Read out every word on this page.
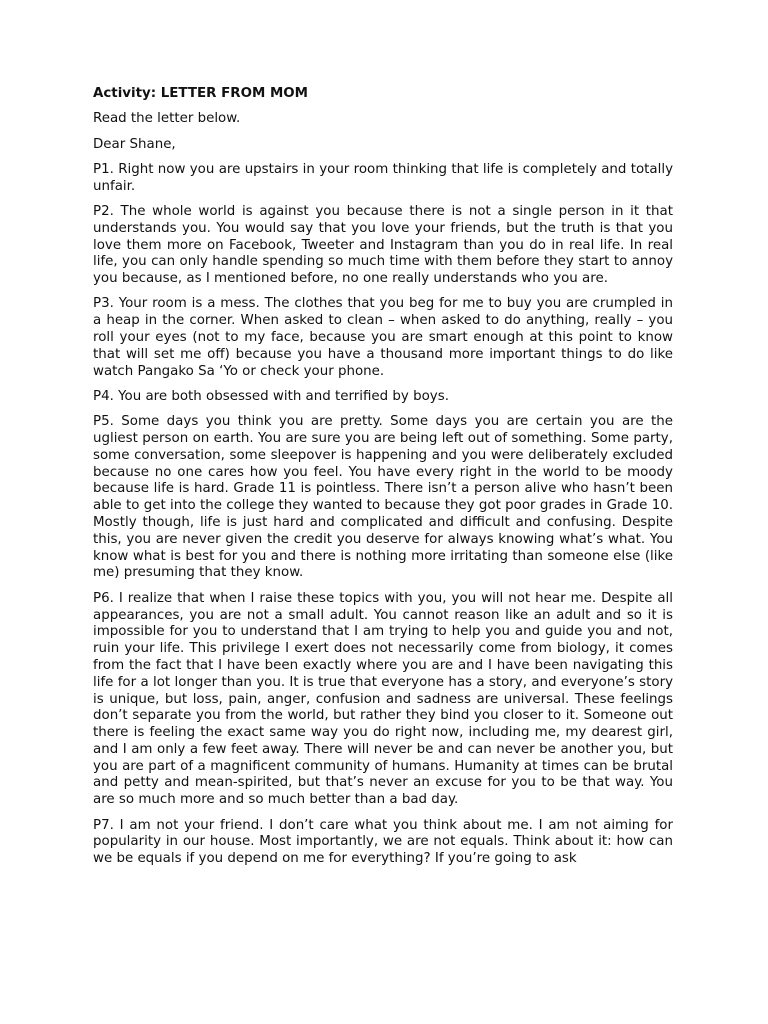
Activity: LETTER FROM MOM

Read the letter below.

Dear Shane,

P1. Right now you are upstairs in your room thinking that life is completely and totally unfair.

P2. The whole world is against you because there is not a single person in it that understands you. You would say that you love your friends, but the truth is that you love them more on Facebook, Tweeter and Instagram than you do in real life. In real life, you can only handle spending so much time with them before they start to annoy you because, as I mentioned before, no one really understands who you are.

P3. Your room is a mess. The clothes that you beg for me to buy you are crumpled in a heap in the corner. When asked to clean – when asked to do anything, really – you roll your eyes (not to my face, because you are smart enough at this point to know that will set me off) because you have a thousand more important things to do like watch Pangako Sa ‘Yo or check your phone.

P4. You are both obsessed with and terrified by boys.

P5. Some days you think you are pretty. Some days you are certain you are the ugliest person on earth. You are sure you are being left out of something. Some party, some conversation, some sleepover is happening and you were deliberately excluded because no one cares how you feel. You have every right in the world to be moody because life is hard. Grade 11 is pointless. There isn’t a person alive who hasn’t been able to get into the college they wanted to because they got poor grades in Grade 10. Mostly though, life is just hard and complicated and difficult and confusing. Despite this, you are never given the credit you deserve for always knowing what’s what. You know what is best for you and there is nothing more irritating than someone else (like me) presuming that they know.

P6. I realize that when I raise these topics with you, you will not hear me. Despite all appearances, you are not a small adult. You cannot reason like an adult and so it is impossible for you to understand that I am trying to help you and guide you and not, ruin your life. This privilege I exert does not necessarily come from biology, it comes from the fact that I have been exactly where you are and I have been navigating this life for a lot longer than you. It is true that everyone has a story, and everyone’s story is unique, but loss, pain, anger, confusion and sadness are universal. These feelings don’t separate you from the world, but rather they bind you closer to it. Someone out there is feeling the exact same way you do right now, including me, my dearest girl, and I am only a few feet away. There will never be and can never be another you, but you are part of a magnificent community of humans. Humanity at times can be brutal and petty and mean-spirited, but that’s never an excuse for you to be that way. You are so much more and so much better than a bad day.

P7. I am not your friend. I don’t care what you think about me. I am not aiming for popularity in our house. Most importantly, we are not equals. Think about it: how can we be equals if you depend on me for everything? If you’re going to ask
